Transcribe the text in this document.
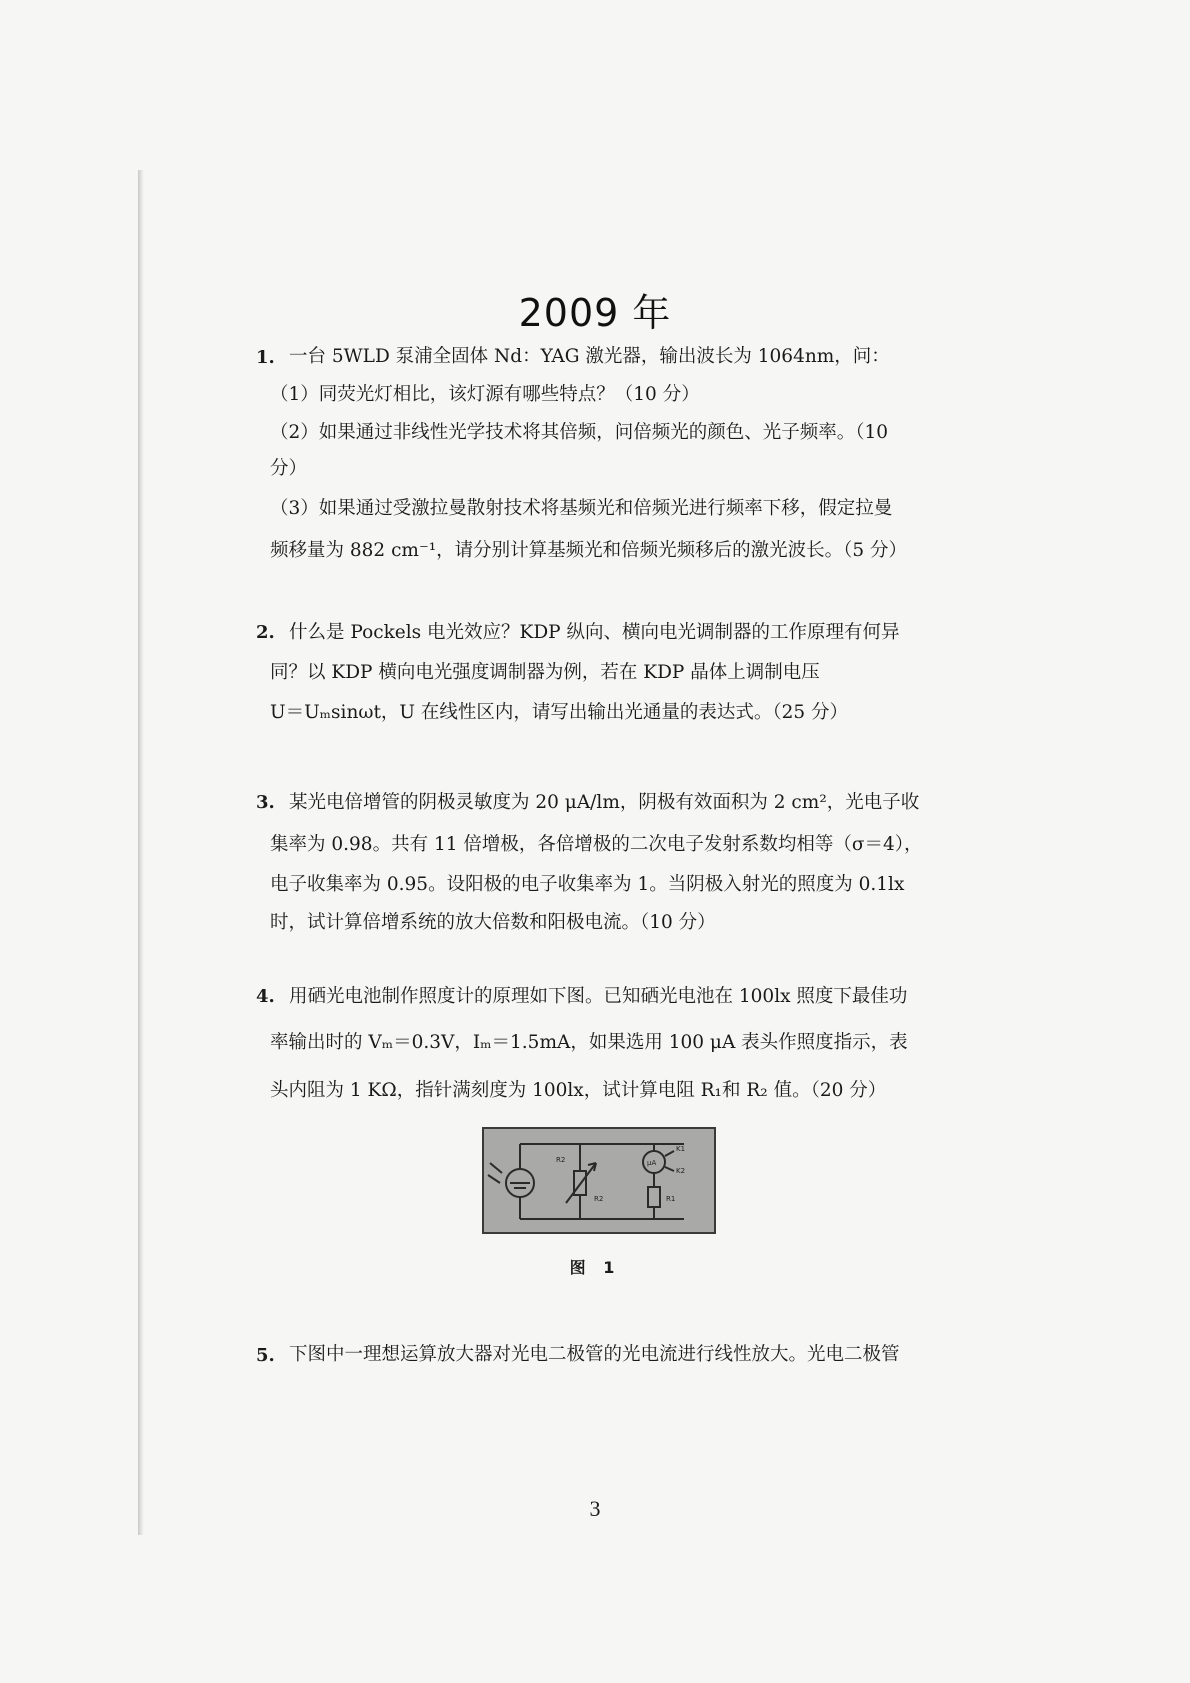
2009 年
1. 一台 5WLD 泵浦全固体 Nd：YAG 激光器，输出波长为 1064nm，问：
（1）同荧光灯相比，该灯源有哪些特点？（10 分）
（2）如果通过非线性光学技术将其倍频，问倍频光的颜色、光子频率。（10
分）
（3）如果通过受激拉曼散射技术将基频光和倍频光进行频率下移，假定拉曼
频移量为 882 cm⁻¹，请分别计算基频光和倍频光频移后的激光波长。（5 分）
2. 什么是 Pockels 电光效应？KDP 纵向、横向电光调制器的工作原理有何异
同？以 KDP 横向电光强度调制器为例，若在 KDP 晶体上调制电压
U＝Uₘsinωt，U 在线性区内，请写出输出光通量的表达式。（25 分）
3. 某光电倍增管的阴极灵敏度为 20 μA/lm，阴极有效面积为 2 cm²，光电子收
集率为 0.98。共有 11 倍增极，各倍增极的二次电子发射系数均相等（σ＝4），
电子收集率为 0.95。设阳极的电子收集率为 1。当阴极入射光的照度为 0.1lx
时，试计算倍增系统的放大倍数和阳极电流。（10 分）
4. 用硒光电池制作照度计的原理如下图。已知硒光电池在 100lx 照度下最佳功
率输出时的 Vₘ＝0.3V，Iₘ＝1.5mA，如果选用 100 μA 表头作照度指示，表
头内阻为 1 KΩ，指针满刻度为 100lx，试计算电阻 R₁和 R₂ 值。（20 分）
R2
R2
μA
K1
K2
R1
图 1
5. 下图中一理想运算放大器对光电二极管的光电流进行线性放大。光电二极管
3
